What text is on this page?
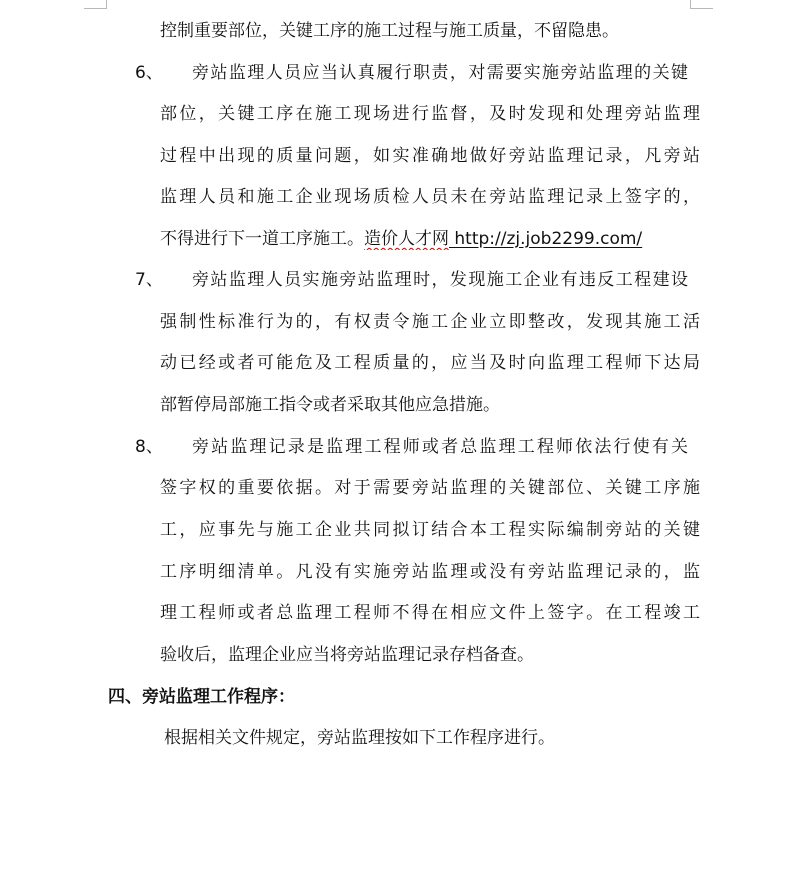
控制重要部位，关键工序的施工过程与施工质量，不留隐患。
6、	旁站监理人员应当认真履行职责，对需要实施旁站监理的关键
部位，关键工序在施工现场进行监督，及时发现和处理旁站监理
过程中出现的质量问题，如实准确地做好旁站监理记录，凡旁站
监理人员和施工企业现场质检人员未在旁站监理记录上签字的，
不得进行下一道工序施工。造价人才网 http://zj.job2299.com/
7、	旁站监理人员实施旁站监理时，发现施工企业有违反工程建设
强制性标准行为的，有权责令施工企业立即整改，发现其施工活
动已经或者可能危及工程质量的，应当及时向监理工程师下达局
部暂停局部施工指令或者采取其他应急措施。
8、	旁站监理记录是监理工程师或者总监理工程师依法行使有关
签字权的重要依据。对于需要旁站监理的关键部位、关键工序施
工，应事先与施工企业共同拟订结合本工程实际编制旁站的关键
工序明细清单。凡没有实施旁站监理或没有旁站监理记录的，监
理工程师或者总监理工程师不得在相应文件上签字。在工程竣工
验收后，监理企业应当将旁站监理记录存档备查。
四、旁站监理工作程序：
根据相关文件规定，旁站监理按如下工作程序进行。
